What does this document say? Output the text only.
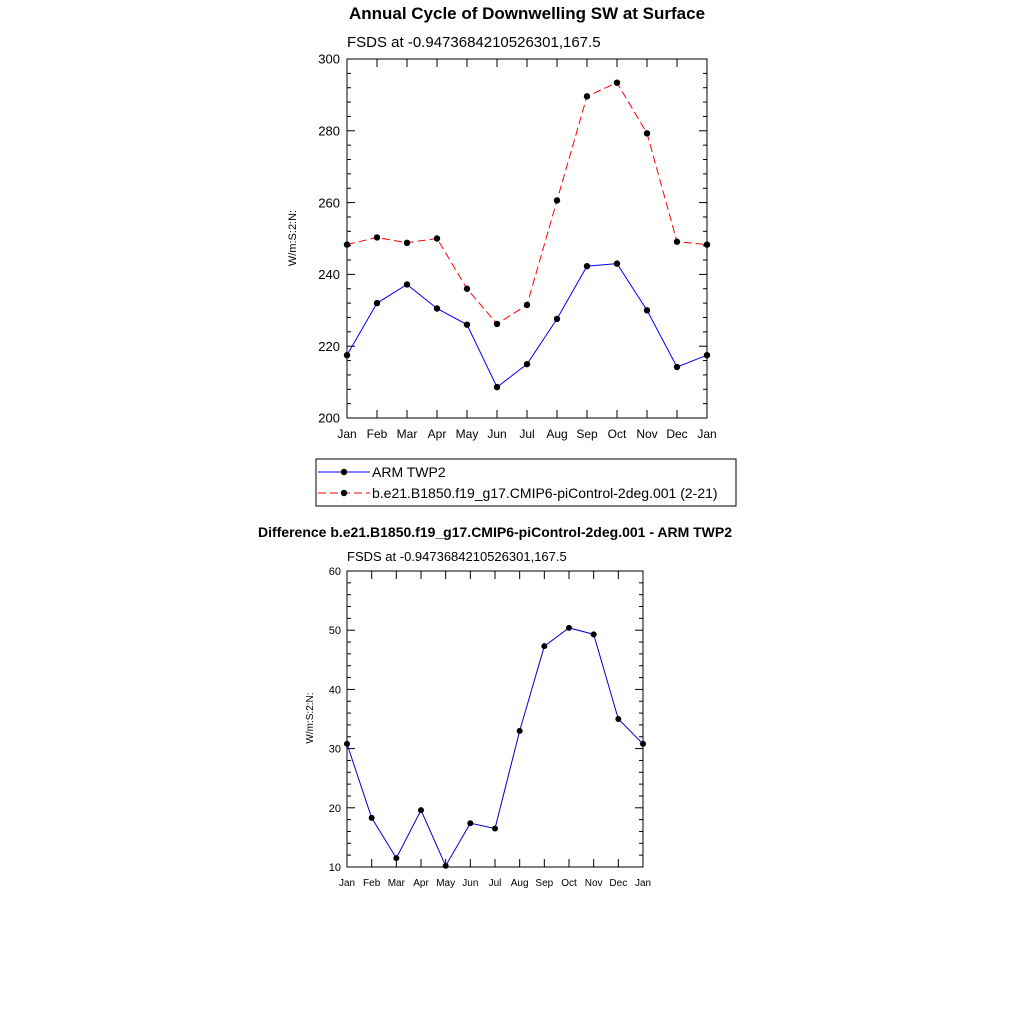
Annual Cycle of Downwelling SW at Surface
FSDS at -0.9473684210526301,167.5
W/m:S:2:N:
200
220
240
260
280
300
Jan Feb Mar Apr May Jun Jul Aug Sep Oct Nov Dec Jan
ARM TWP2
b.e21.B1850.f19_g17.CMIP6-piControl-2deg.001 (2-21)
Difference b.e21.B1850.f19_g17.CMIP6-piControl-2deg.001 - ARM TWP2
FSDS at -0.9473684210526301,167.5
W/m:S:2:N:
10
20
30
40
50
60
Jan Feb Mar Apr May Jun Jul Aug Sep Oct Nov Dec Jan
